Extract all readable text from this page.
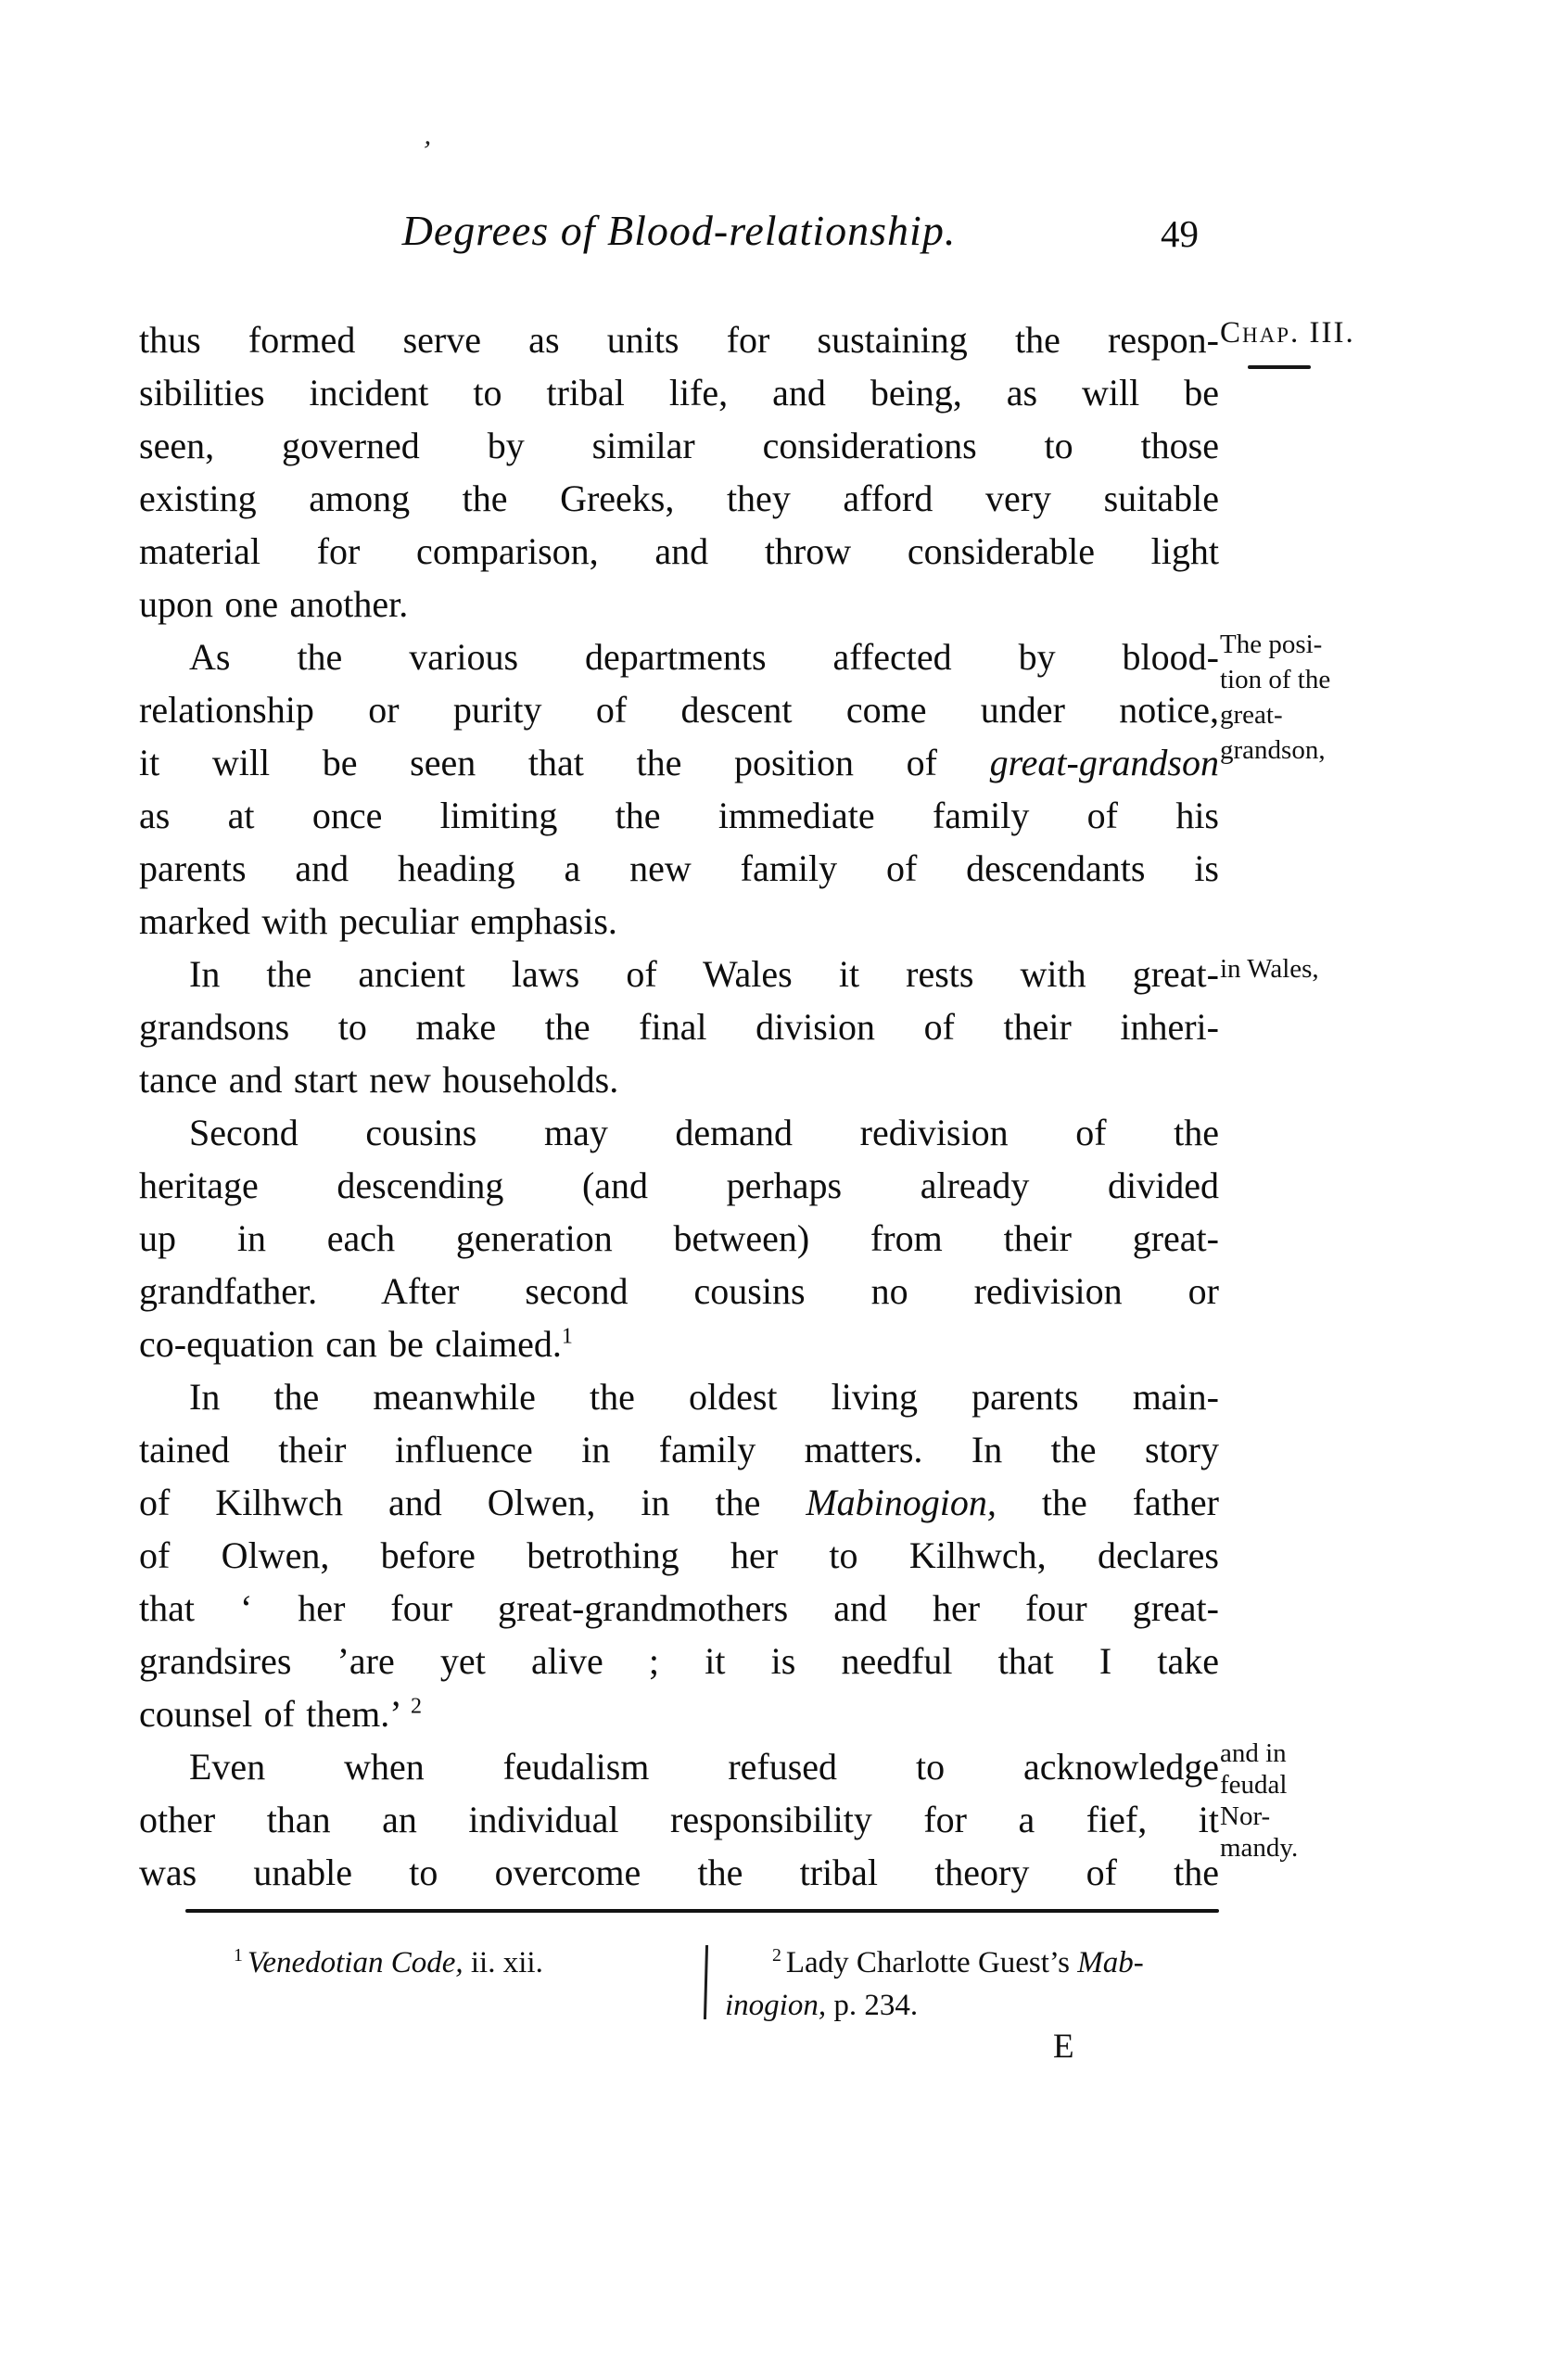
’
Degrees of Blood-relationship.	49
thus formed serve as units for sustaining the respon-
sibilities incident to tribal life, and being, as will be
seen, governed by similar considerations to those
existing among the Greeks, they afford very suitable
material for comparison, and throw considerable light
upon one another.
As the various departments affected by blood-
relationship or purity of descent come under notice,
it will be seen that the position of great-grandson
as at once limiting the immediate family of his
parents and heading a new family of descendants is
marked with peculiar emphasis.
In the ancient laws of Wales it rests with great-
grandsons to make the final division of their inheri-
tance and start new households.
Second cousins may demand redivision of the
heritage descending (and perhaps already divided
up in each generation between) from their great-
grandfather. After second cousins no redivision or
co-equation can be claimed.$^1$
In the meanwhile the oldest living parents main-
tained their influence in family matters. In the story
of Kilhwch and Olwen, in the Mabinogion, the father
of Olwen, before betrothing her to Kilhwch, declares
that ‘ her four great-grandmothers and her four great-
grandsires ’are yet alive ; it is needful that I take
counsel of them.’ $^2$
Even when feudalism refused to acknowledge
other than an individual responsibility for a fief, it
was unable to overcome the tribal theory of the
Chap. III.
The posi-
tion of the
great-
grandson,
in Wales,
and in
feudal
Nor-
mandy.
$^1$ Venedotian Code, ii. xii.	$^2$ Lady Charlotte Guest’s Mab-
inogion, p. 234.
E
